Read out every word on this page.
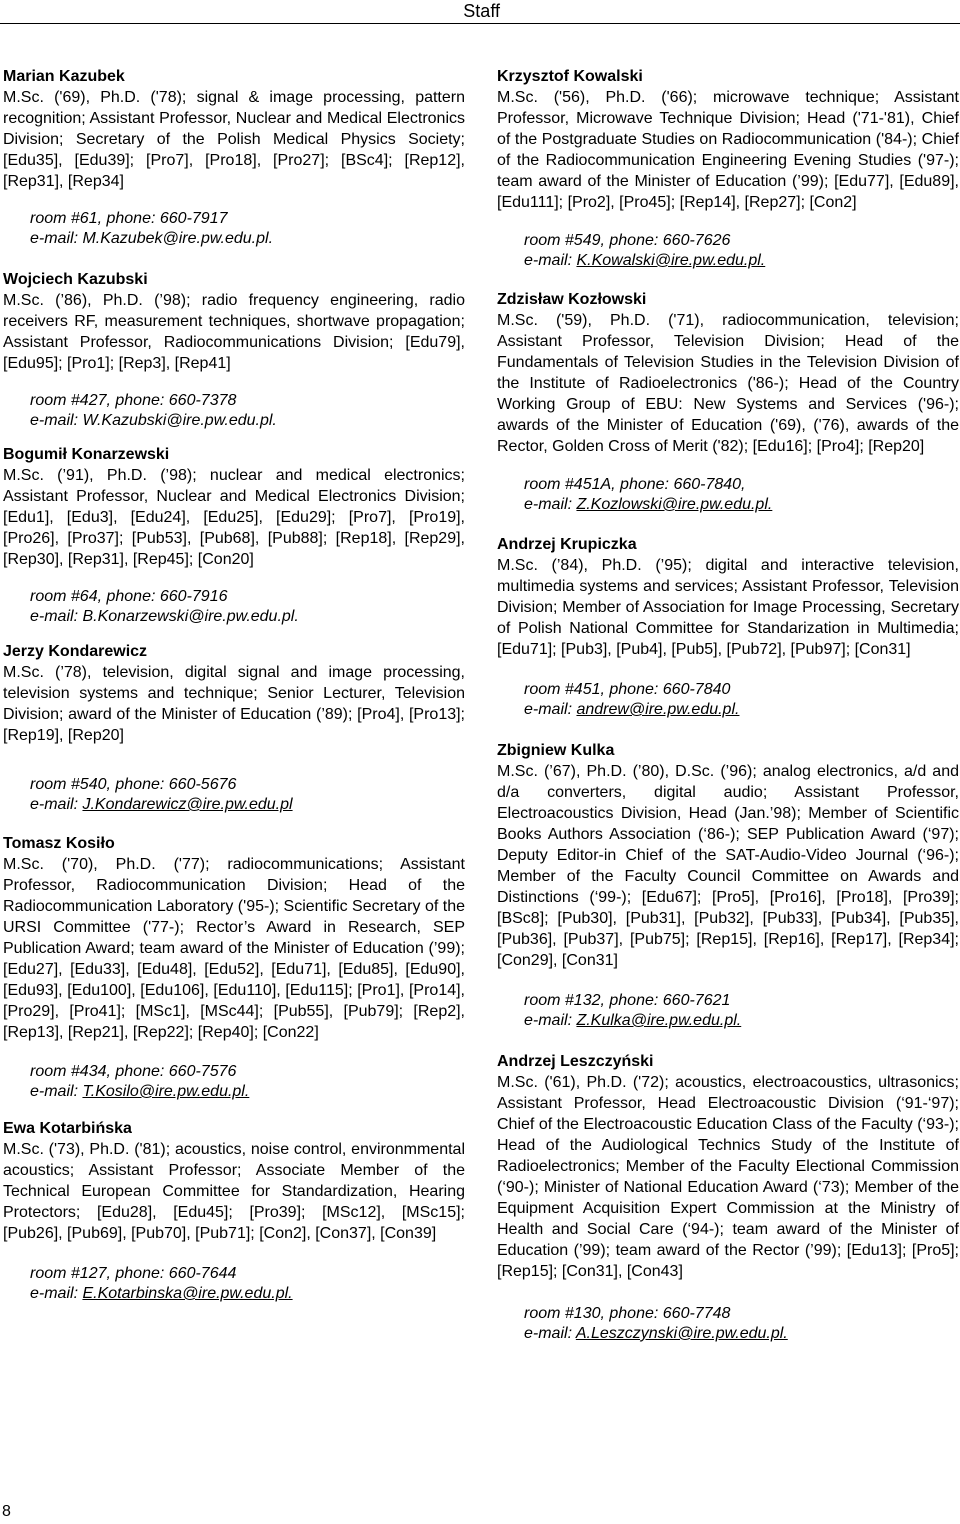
Staff
Marian Kazubek
M.Sc. ('69), Ph.D. ('78); signal & image processing, pattern recognition; Assistant Professor, Nuclear and Medical Electronics Division; Secretary of the Polish Medical Physics Society; [Edu35], [Edu39]; [Pro7], [Pro18], [Pro27]; [BSc4]; [Rep12], [Rep31], [Rep34]
room #61, phone: 660-7917
e-mail: M.Kazubek@ire.pw.edu.pl.
Wojciech Kazubski
M.Sc. (’86), Ph.D. (’98); radio frequency engineering, radio receivers RF, measurement techniques, shortwave propagation; Assistant Professor, Radiocommunications Division; [Edu79], [Edu95]; [Pro1]; [Rep3], [Rep41]
room #427, phone: 660-7378
e-mail: W.Kazubski@ire.pw.edu.pl.
Bogumił Konarzewski
M.Sc. (’91), Ph.D. (’98); nuclear and medical electronics; Assistant Professor, Nuclear and Medical Electronics Division; [Edu1], [Edu3], [Edu24], [Edu25], [Edu29]; [Pro7], [Pro19], [Pro26], [Pro37]; [Pub53], [Pub68], [Pub88]; [Rep18], [Rep29], [Rep30], [Rep31], [Rep45]; [Con20]
room #64, phone: 660-7916
e-mail: B.Konarzewski@ire.pw.edu.pl.
Jerzy Kondarewicz
M.Sc. (’78), television, digital signal and image processing, television systems and technique; Senior Lecturer, Television Division; award of the Minister of Education (’89); [Pro4], [Pro13]; [Rep19], [Rep20]
room #540, phone: 660-5676
e-mail: J.Kondarewicz@ire.pw.edu.pl
Tomasz Kosiło
M.Sc. ('70), Ph.D. ('77); radiocommunications; Assistant Professor, Radiocommunication Division; Head of the Radiocommunication Laboratory ('95-); Scientific Secretary of the URSI Committee ('77-); Rector’s Award in Research, SEP Publication Award; team award of the Minister of Education (’99); [Edu27], [Edu33], [Edu48], [Edu52], [Edu71], [Edu85], [Edu90], [Edu93], [Edu100], [Edu106], [Edu110], [Edu115]; [Pro1], [Pro14], [Pro29], [Pro41]; [MSc1], [MSc44]; [Pub55], [Pub79]; [Rep2], [Rep13], [Rep21], [Rep22]; [Rep40]; [Con22]
room #434, phone: 660-7576
e-mail: T.Kosilo@ire.pw.edu.pl.
Ewa Kotarbińska
M.Sc. ('73), Ph.D. ('81); acoustics, noise control, environmmental acoustics; Assistant Professor; Associate Member of the Technical European Committee for Standardization, Hearing Protectors; [Edu28], [Edu45]; [Pro39]; [MSc12], [MSc15]; [Pub26], [Pub69], [Pub70], [Pub71]; [Con2], [Con37], [Con39]
room #127, phone: 660-7644
e-mail: E.Kotarbinska@ire.pw.edu.pl.
Krzysztof Kowalski
M.Sc. ('56), Ph.D. ('66); microwave technique; Assistant Professor, Microwave Technique Division; Head ('71-'81), Chief of the Postgraduate Studies on Radiocommunication ('84-); Chief of the Radiocommunication Engineering Evening Studies ('97-); team award of the Minister of Education (’99); [Edu77], [Edu89], [Edu111]; [Pro2], [Pro45]; [Rep14], [Rep27]; [Con2]
room #549, phone: 660-7626
e-mail: K.Kowalski@ire.pw.edu.pl.
Zdzisław Kozłowski
M.Sc. ('59), Ph.D. ('71), radiocommunication, television; Assistant Professor, Television Division; Head of the Fundamentals of Television Studies in the Television Division of the Institute of Radioelectronics ('86-); Head of the Country Working Group of EBU: New Systems and Services ('96-); awards of the Minister of Education ('69), ('76), awards of the Rector, Golden Cross of Merit ('82); [Edu16]; [Pro4]; [Rep20]
room #451A, phone: 660-7840,
e-mail: Z.Kozlowski@ire.pw.edu.pl.
Andrzej Krupiczka
M.Sc. (’84), Ph.D. (’95); digital and interactive television, multimedia systems and services; Assistant Professor, Television Division; Member of Association for Image Processing, Secretary of Polish National Committee for Standarization in Multimedia; [Edu71]; [Pub3], [Pub4], [Pub5], [Pub72], [Pub97]; [Con31]
room #451, phone: 660-7840
e-mail: andrew@ire.pw.edu.pl.
Zbigniew Kulka
M.Sc. (’67), Ph.D. (’80), D.Sc. (’96); analog electronics, a/d and d/a converters, digital audio; Assistant Professor, Electroacoustics Division, Head (Jan.’98); Member of Scientific Books Authors Association (‘86-); SEP Publication Award (‘97); Deputy Editor-in Chief of the SAT-Audio-Video Journal (‘96-); Member of the Faculty Council Committee on Awards and Distinctions (‘99-); [Edu67]; [Pro5], [Pro16], [Pro18], [Pro39]; [BSc8]; [Pub30], [Pub31], [Pub32], [Pub33], [Pub34], [Pub35], [Pub36], [Pub37], [Pub75]; [Rep15], [Rep16], [Rep17], [Rep34]; [Con29], [Con31]
room #132, phone: 660-7621
e-mail: Z.Kulka@ire.pw.edu.pl.
Andrzej Leszczyński
M.Sc. ('61), Ph.D. ('72); acoustics, electroacoustics, ultrasonics; Assistant Professor, Head Electroacoustic Division (‘91-‘97); Chief of the Electroacoustic Education Class of the Faculty (‘93-); Head of the Audiological Technics Study of the Institute of Radioelectronics; Member of the Faculty Electional Commission (‘90-); Minister of National Education Award (‘73); Member of the Equipment Acquisition Expert Commission at the Ministry of Health and Social Care (‘94-); team award of the Minister of Education (’99); team award of the Rector (’99); [Edu13]; [Pro5]; [Rep15]; [Con31], [Con43]
room #130, phone: 660-7748
e-mail: A.Leszczynski@ire.pw.edu.pl.
8
